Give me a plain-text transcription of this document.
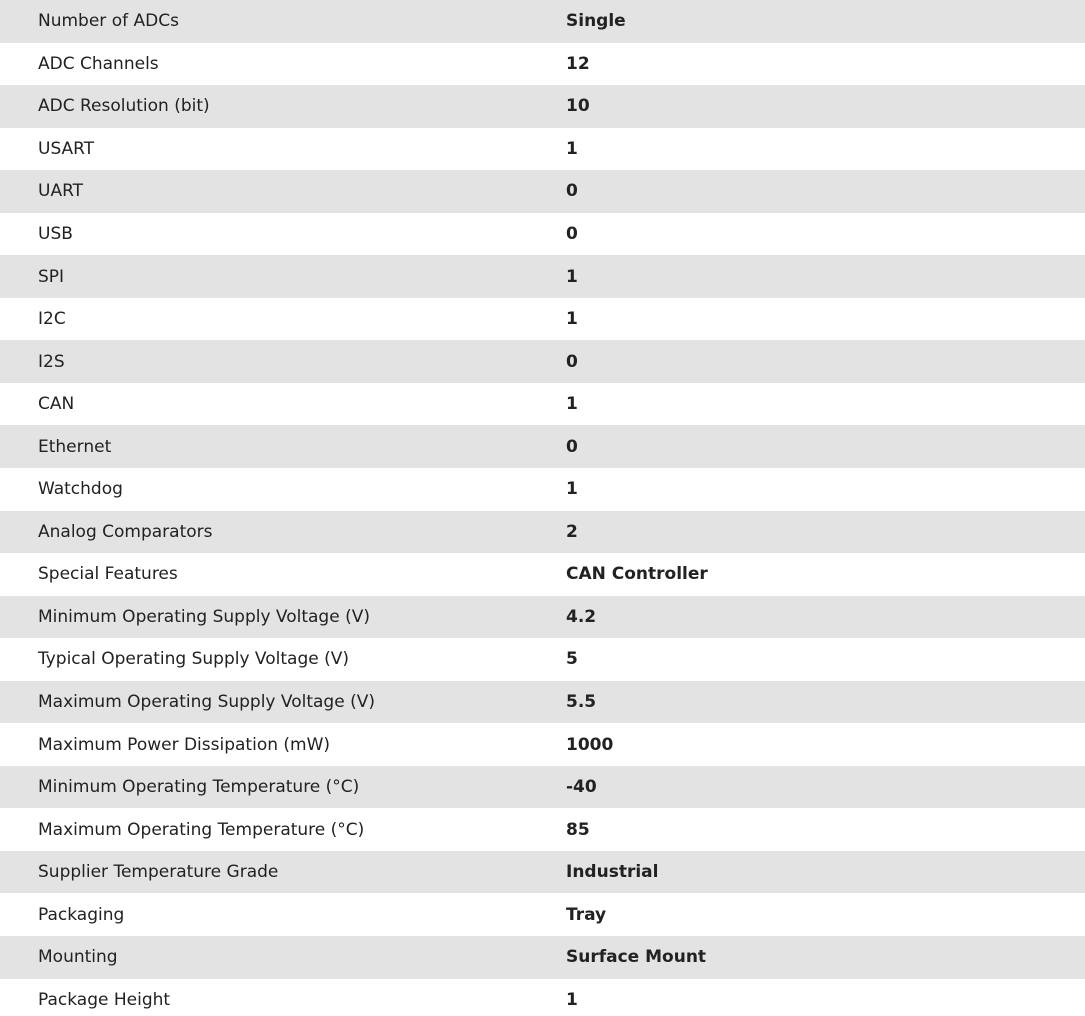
Number of ADCs	Single
ADC Channels	12
ADC Resolution (bit)	10
USART	1
UART	0
USB	0
SPI	1
I2C	1
I2S	0
CAN	1
Ethernet	0
Watchdog	1
Analog Comparators	2
Special Features	CAN Controller
Minimum Operating Supply Voltage (V)	4.2
Typical Operating Supply Voltage (V)	5
Maximum Operating Supply Voltage (V)	5.5
Maximum Power Dissipation (mW)	1000
Minimum Operating Temperature (°C)	-40
Maximum Operating Temperature (°C)	85
Supplier Temperature Grade	Industrial
Packaging	Tray
Mounting	Surface Mount
Package Height	1
